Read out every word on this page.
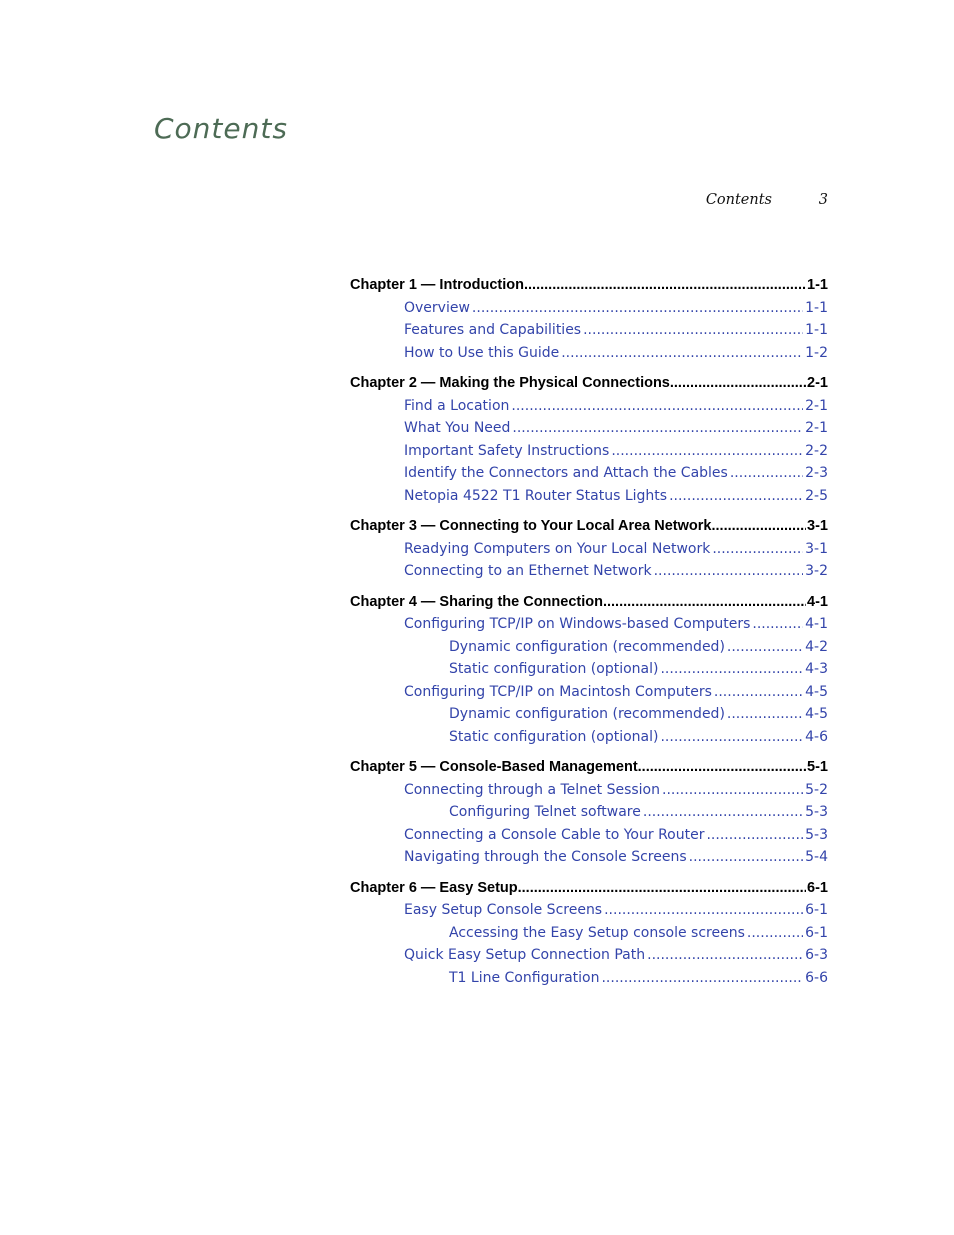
Contents
Contents	3
Chapter 1 — Introduction .....	1-1
Overview .....	1-1
Features and Capabilities .....	1-1
How to Use this Guide .....	1-2
Chapter 2 — Making the Physical Connections .....	2-1
Find a Location .....	2-1
What You Need .....	2-1
Important Safety Instructions .....	2-2
Identify the Connectors and Attach the Cables .....	2-3
Netopia 4522 T1 Router Status Lights .....	2-5
Chapter 3 — Connecting to Your Local Area Network .....	3-1
Readying Computers on Your Local Network .....	3-1
Connecting to an Ethernet Network .....	3-2
Chapter 4 — Sharing the Connection .....	4-1
Configuring TCP/IP on Windows-based Computers .....	4-1
Dynamic configuration (recommended) .....	4-2
Static configuration (optional) .....	4-3
Configuring TCP/IP on Macintosh Computers .....	4-5
Dynamic configuration (recommended) .....	4-5
Static configuration (optional) .....	4-6
Chapter 5 — Console-Based Management .....	5-1
Connecting through a Telnet Session .....	5-2
Configuring Telnet software .....	5-3
Connecting a Console Cable to Your Router .....	5-3
Navigating through the Console Screens .....	5-4
Chapter 6 — Easy Setup .....	6-1
Easy Setup Console Screens .....	6-1
Accessing the Easy Setup console screens .....	6-1
Quick Easy Setup Connection Path .....	6-3
T1 Line Configuration .....	6-6
